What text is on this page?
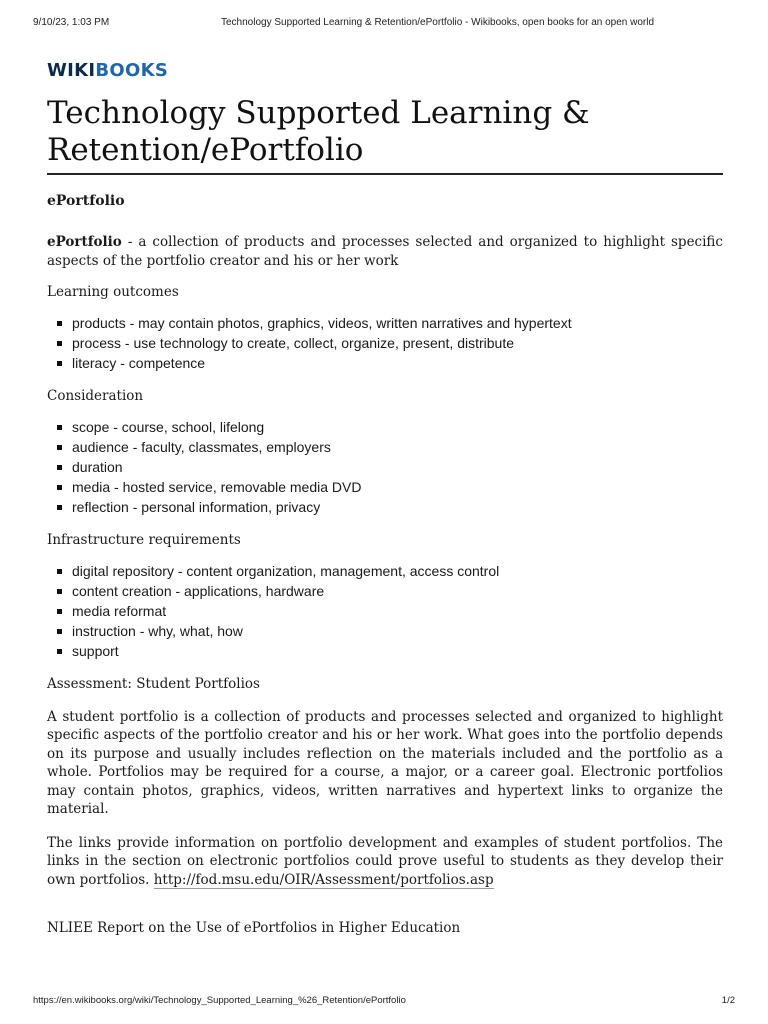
9/10/23, 1:03 PM	Technology Supported Learning & Retention/ePortfolio - Wikibooks, open books for an open world
WIKIBOOKS
Technology Supported Learning & Retention/ePortfolio
ePortfolio

ePortfolio - a collection of products and processes selected and organized to highlight specific aspects of the portfolio creator and his or her work

Learning outcomes
products - may contain photos, graphics, videos, written narratives and hypertext
process - use technology to create, collect, organize, present, distribute
literacy - competence
Consideration
scope - course, school, lifelong
audience - faculty, classmates, employers
duration
media - hosted service, removable media DVD
reflection - personal information, privacy
Infrastructure requirements
digital repository - content organization, management, access control
content creation - applications, hardware
media reformat
instruction - why, what, how
support
Assessment: Student Portfolios

A student portfolio is a collection of products and processes selected and organized to highlight specific aspects of the portfolio creator and his or her work. What goes into the portfolio depends on its purpose and usually includes reflection on the materials included and the portfolio as a whole. Portfolios may be required for a course, a major, or a career goal. Electronic portfolios may contain photos, graphics, videos, written narratives and hypertext links to organize the material.

The links provide information on portfolio development and examples of student portfolios. The links in the section on electronic portfolios could prove useful to students as they develop their own portfolios. http://fod.msu.edu/OIR/Assessment/portfolios.asp

NLIEE Report on the Use of ePortfolios in Higher Education
https://en.wikibooks.org/wiki/Technology_Supported_Learning_%26_Retention/ePortfolio	1/2
